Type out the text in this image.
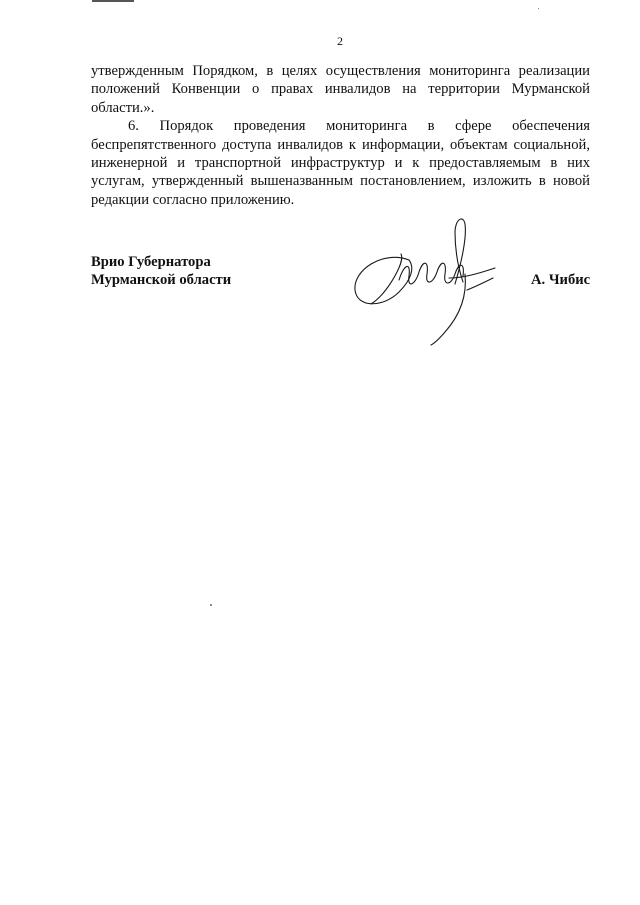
2

утвержденным Порядком, в целях осуществления мониторинга реализации положений Конвенции о правах инвалидов на территории Мурманской области.».

6. Порядок проведения мониторинга в сфере обеспечения беспрепятственного доступа инвалидов к информации, объектам социальной, инженерной и транспортной инфраструктур и к предоставляемым в них услугам, утвержденный вышеназванным постановлением, изложить в новой редакции согласно приложению.

Врио Губернатора
Мурманской области	А. Чибис
